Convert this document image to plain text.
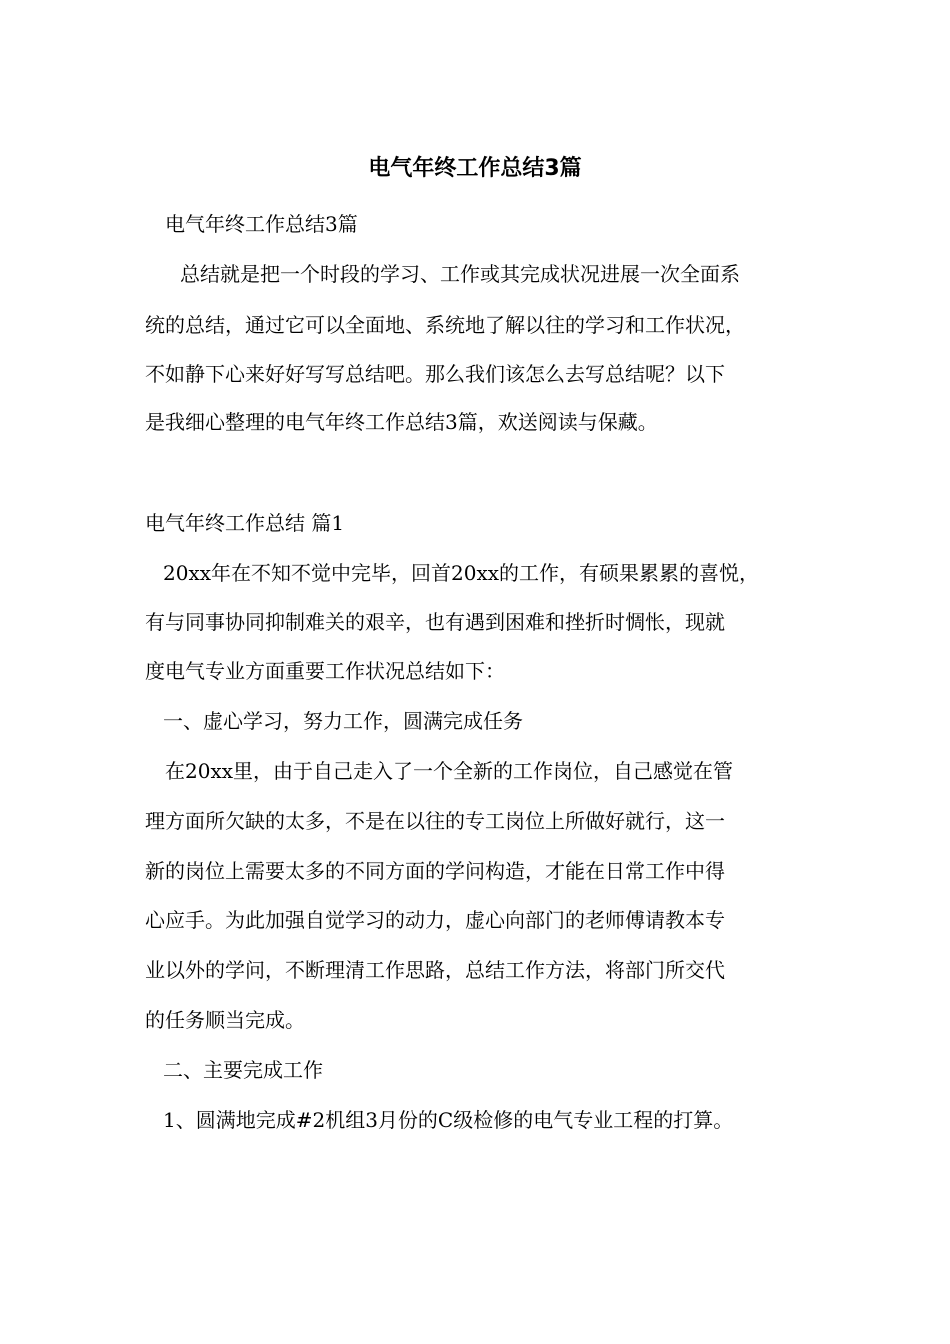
电气年终工作总结3篇

电气年终工作总结3篇

总结就是把一个时段的学习、工作或其完成状况进展一次全面系

统的总结，通过它可以全面地、系统地了解以往的学习和工作状况，

不如静下心来好好写写总结吧。那么我们该怎么去写总结呢？以下

是我细心整理的电气年终工作总结3篇，欢送阅读与保藏。

电气年终工作总结 篇1

20xx年在不知不觉中完毕，回首20xx的工作，有硕果累累的喜悦，

有与同事协同抑制难关的艰辛，也有遇到困难和挫折时惆怅，现就

度电气专业方面重要工作状况总结如下：

一、虚心学习，努力工作，圆满完成任务

在20xx里，由于自己走入了一个全新的工作岗位，自己感觉在管

理方面所欠缺的太多，不是在以往的专工岗位上所做好就行，这一

新的岗位上需要太多的不同方面的学问构造，才能在日常工作中得

心应手。为此加强自觉学习的动力，虚心向部门的老师傅请教本专

业以外的学问，不断理清工作思路，总结工作方法，将部门所交代

的任务顺当完成。

二、主要完成工作

1、圆满地完成#2机组3月份的C级检修的电气专业工程的打算。
